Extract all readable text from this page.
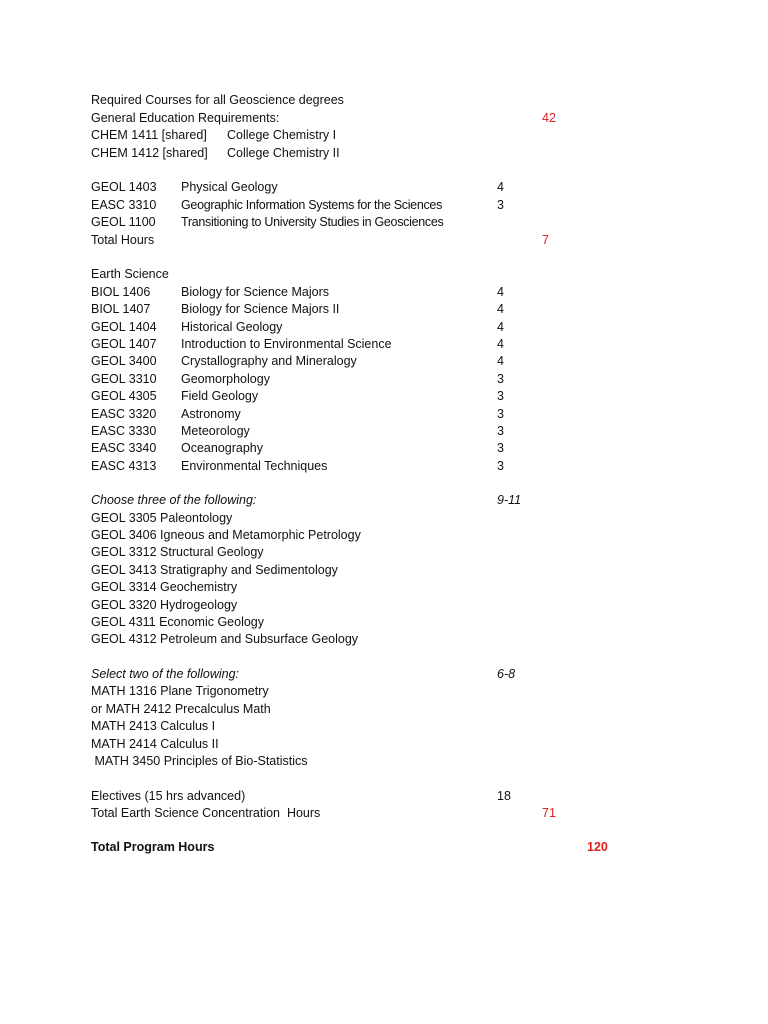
Required Courses for all Geoscience degrees
General Education Requirements:	42
CHEM 1411 [shared] College Chemistry I
CHEM 1412 [shared] College Chemistry II
GEOL 1403 Physical Geology	4
EASC 3310 Geographic Information Systems for the Sciences	3
GEOL 1100 Transitioning to University Studies in Geosciences
Total Hours	7
Earth Science
BIOL 1406 Biology for Science Majors	4
BIOL 1407 Biology for Science Majors II	4
GEOL 1404 Historical Geology	4
GEOL 1407 Introduction to Environmental Science	4
GEOL 3400 Crystallography and Mineralogy	4
GEOL 3310 Geomorphology	3
GEOL 4305 Field Geology	3
EASC 3320 Astronomy	3
EASC 3330 Meteorology	3
EASC 3340 Oceanography	3
EASC 4313 Environmental Techniques	3
Choose three of the following:	9-11
GEOL 3305 Paleontology
GEOL 3406 Igneous and Metamorphic Petrology
GEOL 3312 Structural Geology
GEOL 3413 Stratigraphy and Sedimentology
GEOL 3314 Geochemistry
GEOL 3320 Hydrogeology
GEOL 4311 Economic Geology
GEOL 4312 Petroleum and Subsurface Geology
Select two of the following:	6-8
MATH 1316 Plane Trigonometry
or MATH 2412 Precalculus Math
MATH 2413 Calculus I
MATH 2414 Calculus II
MATH 3450 Principles of Bio-Statistics
Electives (15 hrs advanced)	18
Total Earth Science Concentration  Hours	71
Total Program Hours	120
